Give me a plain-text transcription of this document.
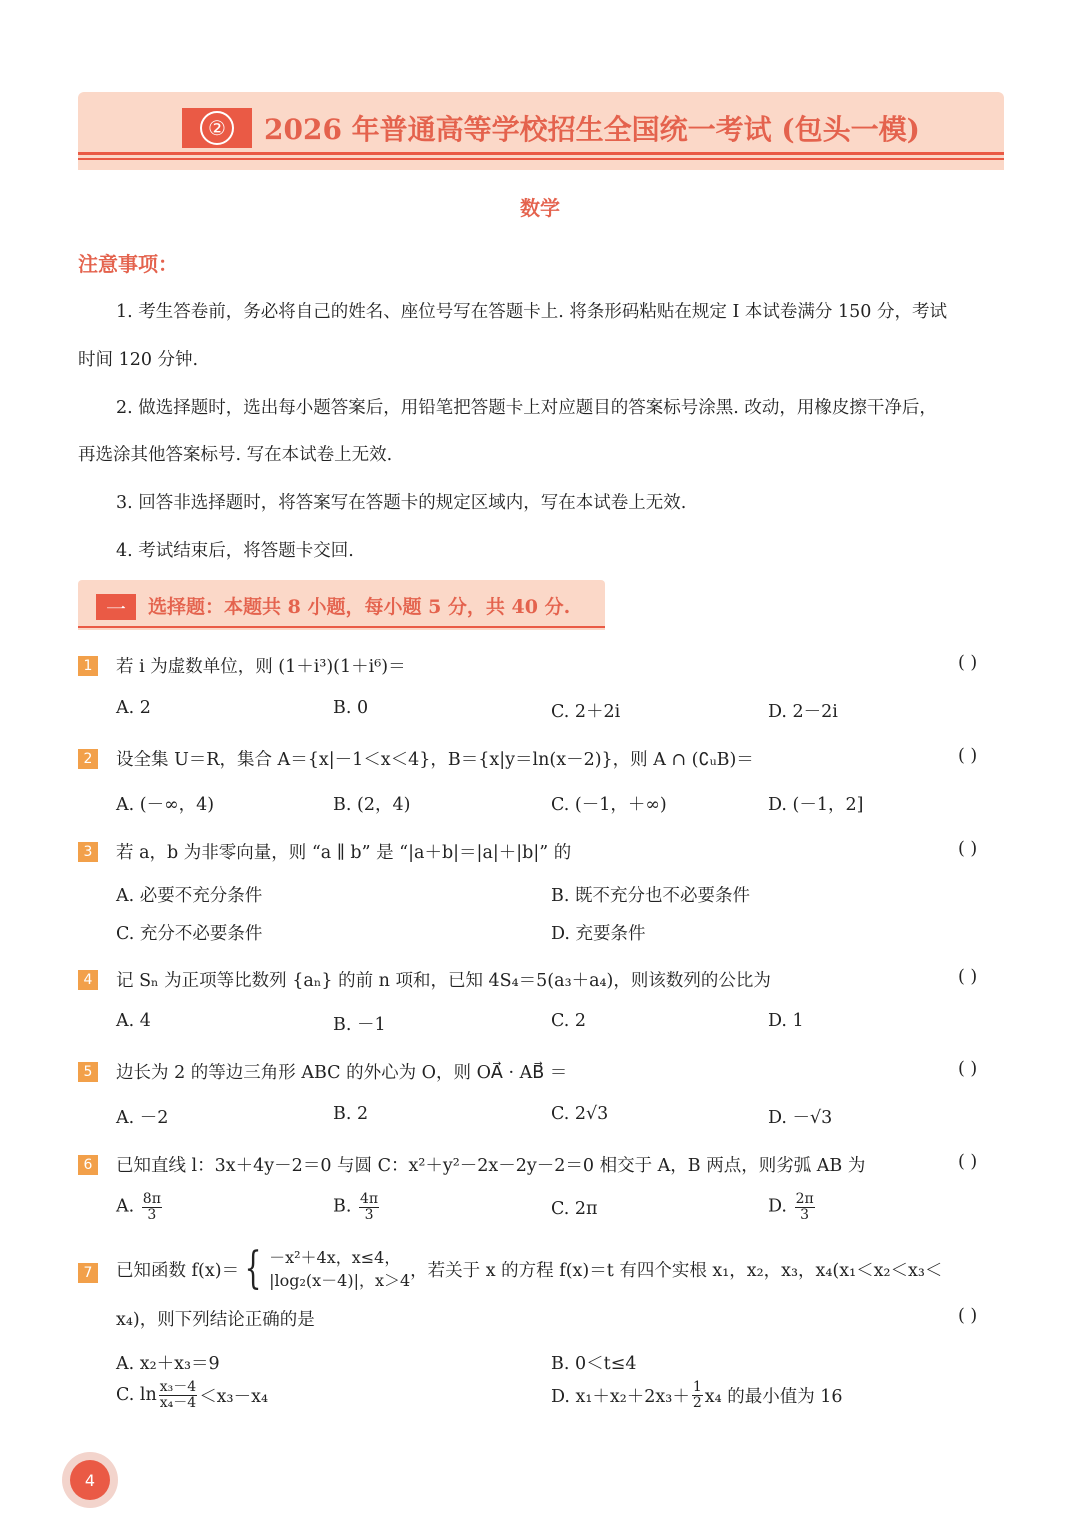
② 2026 年普通高等学校招生全国统一考试 (包头一模)
数学
注意事项：
1. 考生答卷前，务必将自己的姓名、座位号写在答题卡上. 将条形码粘贴在规定 I 本试卷满分 150 分，考试
时间 120 分钟.
2. 做选择题时，选出每小题答案后，用铅笔把答题卡上对应题目的答案标号涂黑. 改动，用橡皮擦干净后，
再选涂其他答案标号. 写在本试卷上无效.
3. 回答非选择题时，将答案写在答题卡的规定区域内，写在本试卷上无效.
4. 考试结束后，将答题卡交回.
一	选择题：本题共 8 小题，每小题 5 分，共 40 分.
1	若 i 为虚数单位，则 (1＋i³)(1＋i⁶)＝	( )
A. 2	B. 0	C. 2＋2i	D. 2－2i
2	设全集 U＝R，集合 A＝{x|－1＜x＜4}，B＝{x|y＝ln(x－2)}，则 A ∩ (∁ᵤB)＝	( )
A. (－∞，4)	B. (2，4)	C. (－1，＋∞)	D. (－1，2]
3	若 a，b 为非零向量，则 “a ∥ b” 是 “|a＋b|＝|a|＋|b|” 的	( )
A. 必要不充分条件	B. 既不充分也不必要条件
C. 充分不必要条件	D. 充要条件
4	记 Sₙ 为正项等比数列 {aₙ} 的前 n 项和，已知 4S₄＝5(a₃＋a₄)，则该数列的公比为	( )
A. 4	B. －1	C. 2	D. 1
5	边长为 2 的等边三角形 ABC 的外心为 O，则 OA⃗ · AB⃗ ＝	( )
A. －2	B. 2	C. 2√3	D. －√3
6	已知直线 l：3x＋4y－2＝0 与圆 C：x²＋y²－2x－2y－2＝0 相交于 A，B 两点，则劣弧 AB 为	( )
A. $\frac{8\pi}{3}$	B. $\frac{4\pi}{3}$	C. 2π	D. $\frac{2\pi}{3}$
7	已知函数 f(x)＝ { －x²＋4x，x≤4，
|log₂(x－4)|，x＞4 ，若关于 x 的方程 f(x)＝t 有四个实根 x₁，x₂，x₃，x₄(x₁＜x₂＜x₃＜
x₄)，则下列结论正确的是	( )
A. x₂＋x₃＝9	B. 0＜t≤4
C. $\ln \frac{\text{x₃－4}}{\text{x₄－4}} <x_3-x_4$	D. $x_1+x_2+2x_3+ \frac{1}{2} x_4$ 的最小值为 16
4
